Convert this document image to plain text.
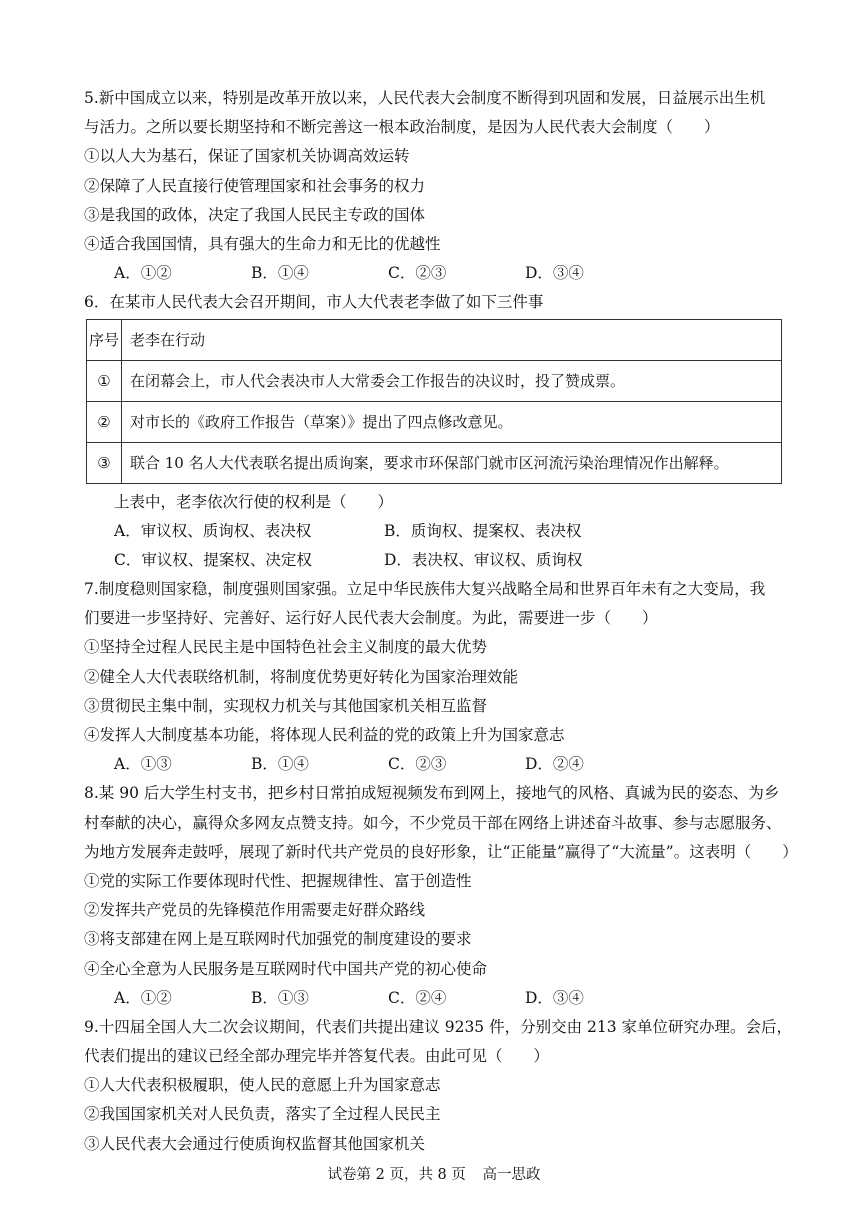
5.新中国成立以来，特别是改革开放以来，人民代表大会制度不断得到巩固和发展，日益展示出生机
与活力。之所以要长期坚持和不断完善这一根本政治制度，是因为人民代表大会制度（　　）
①以人大为基石，保证了国家机关协调高效运转
②保障了人民直接行使管理国家和社会事务的权力
③是我国的政体，决定了我国人民民主专政的国体
④适合我国国情，具有强大的生命力和无比的优越性
A．①②	B．①④	C．②③	D．③④
6．在某市人民代表大会召开期间，市人大代表老李做了如下三件事
序号	老李在行动
①	在闭幕会上，市人代会表决市人大常委会工作报告的决议时，投了赞成票。
②	对市长的《政府工作报告（草案）》提出了四点修改意见。
③	联合 10 名人大代表联名提出质询案，要求市环保部门就市区河流污染治理情况作出解释。
上表中，老李依次行使的权利是（　　）
A．审议权、质询权、表决权	B．质询权、提案权、表决权
C．审议权、提案权、决定权	D．表决权、审议权、质询权
7.制度稳则国家稳，制度强则国家强。立足中华民族伟大复兴战略全局和世界百年未有之大变局，我
们要进一步坚持好、完善好、运行好人民代表大会制度。为此，需要进一步（　　）
①坚持全过程人民民主是中国特色社会主义制度的最大优势
②健全人大代表联络机制，将制度优势更好转化为国家治理效能
③贯彻民主集中制，实现权力机关与其他国家机关相互监督
④发挥人大制度基本功能，将体现人民利益的党的政策上升为国家意志
A．①③	B．①④	C．②③	D．②④
8.某 90 后大学生村支书，把乡村日常拍成短视频发布到网上，接地气的风格、真诚为民的姿态、为乡
村奉献的决心，赢得众多网友点赞支持。如今，不少党员干部在网络上讲述奋斗故事、参与志愿服务、
为地方发展奔走鼓呼，展现了新时代共产党员的良好形象，让“正能量”赢得了“大流量”。这表明（　　）
①党的实际工作要体现时代性、把握规律性、富于创造性
②发挥共产党员的先锋模范作用需要走好群众路线
③将支部建在网上是互联网时代加强党的制度建设的要求
④全心全意为人民服务是互联网时代中国共产党的初心使命
A．①②	B．①③	C．②④	D．③④
9.十四届全国人大二次会议期间，代表们共提出建议 9235 件，分别交由 213 家单位研究办理。会后，
代表们提出的建议已经全部办理完毕并答复代表。由此可见（　　）
①人大代表积极履职，使人民的意愿上升为国家意志
②我国国家机关对人民负责，落实了全过程人民民主
③人民代表大会通过行使质询权监督其他国家机关
试卷第 2 页，共 8 页 高一思政
